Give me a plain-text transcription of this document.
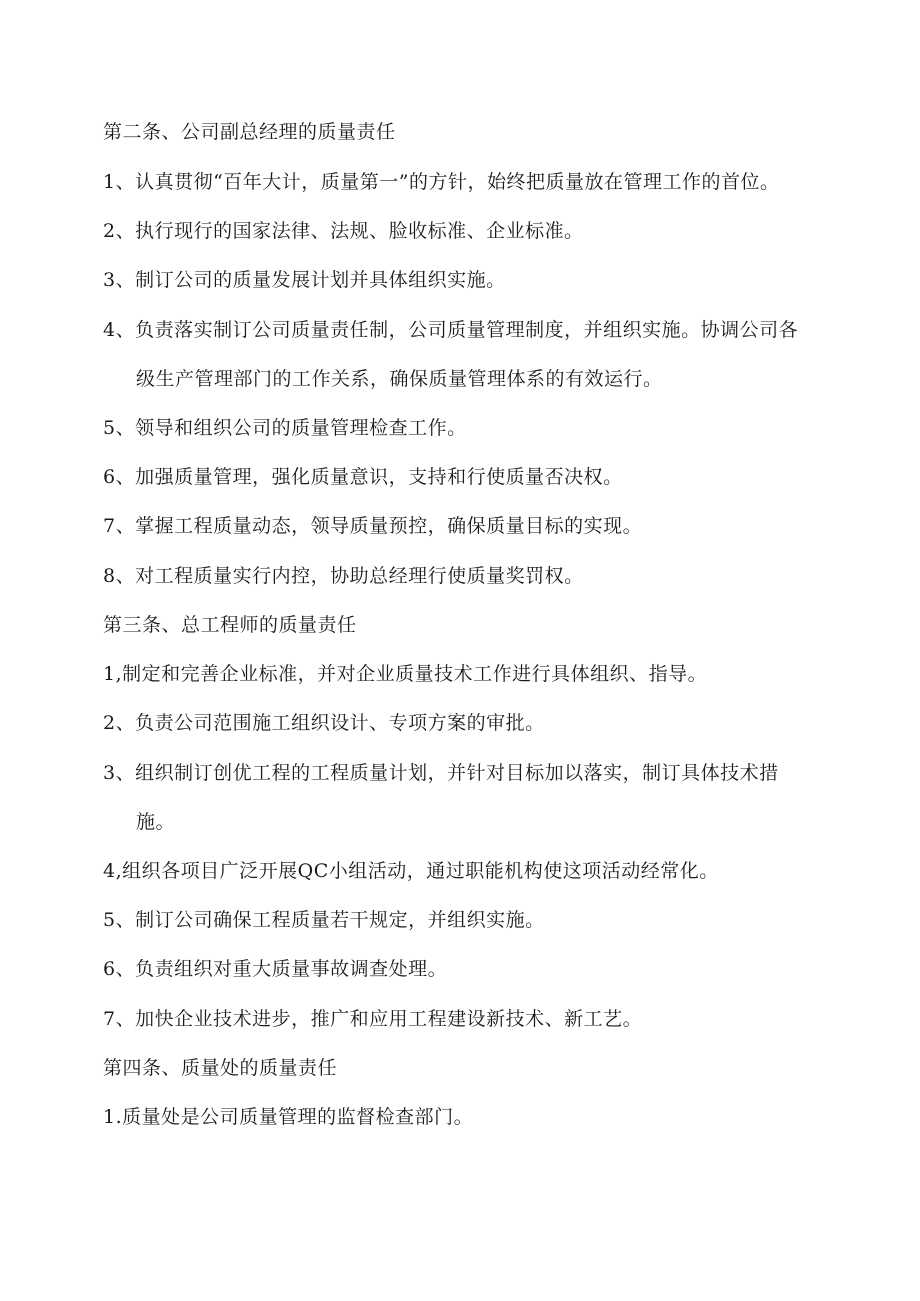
第二条、公司副总经理的质量责任
1、认真贯彻“百年大计，质量第一”的方针，始终把质量放在管理工作的首位。
2、执行现行的国家法律、法规、脸收标准、企业标准。
3、制订公司的质量发展计划并具体组织实施。
4、负责落实制订公司质量责任制，公司质量管理制度，并组织实施。协调公司各
级生产管理部门的工作关系，确保质量管理体系的有效运行。
5、领导和组织公司的质量管理检查工作。
6、加强质量管理，强化质量意识，支持和行使质量否决权。
7、掌握工程质量动态，领导质量预控，确保质量目标的实现。
8、对工程质量实行内控，协助总经理行使质量奖罚权。
第三条、总工程师的质量责任
1,制定和完善企业标准，并对企业质量技术工作进行具体组织、指导。
2、负责公司范围施工组织设计、专项方案的审批。
3、组织制订创优工程的工程质量计划，并针对目标加以落实，制订具体技术措
施。
4,组织各项目广泛开展QC小组活动，通过职能机构使这项活动经常化。
5、制订公司确保工程质量若干规定，并组织实施。
6、负责组织对重大质量事故调查处理。
7、加快企业技术进步，推广和应用工程建设新技术、新工艺。
第四条、质量处的质量责任
1.质量处是公司质量管理的监督检查部门。
